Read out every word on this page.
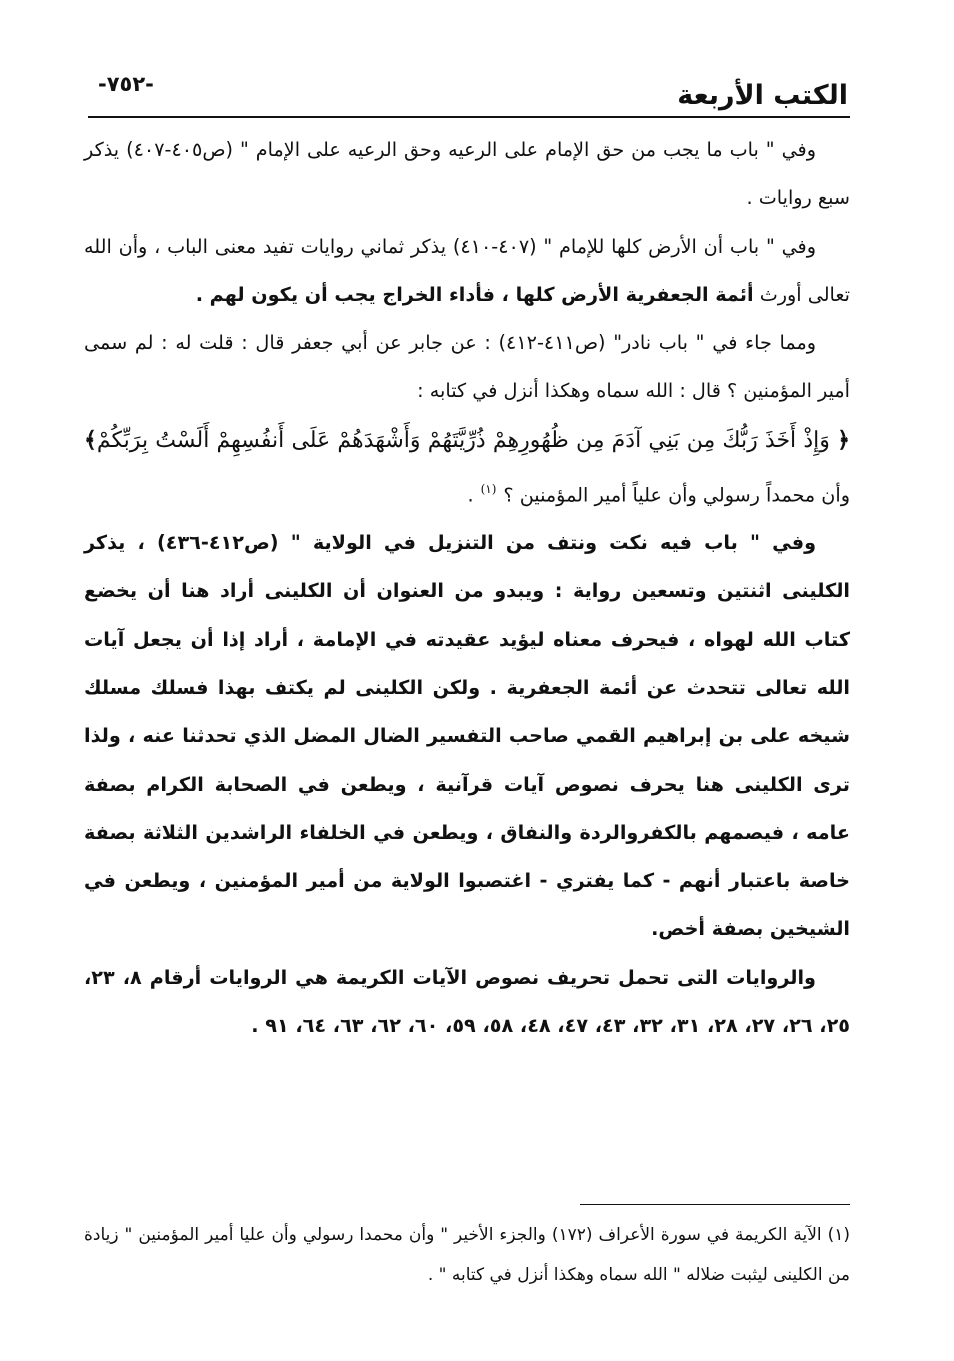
-٧٥٢-	الكتب الأربعة

وفي " باب ما يجب من حق الإمام على الرعيه وحق الرعيه على الإمام " (ص٤٠٥-٤٠٧) يذكر سبع روايات .

وفي " باب أن الأرض كلها للإمام " (٤٠٧-٤١٠) يذكر ثماني روايات تفيد معنى الباب ، وأن الله تعالى أورث أئمة الجعفرية الأرض كلها ، فأداء الخراج يجب أن يكون لهم .

ومما جاء في " باب نادر" (ص٤١١-٤١٢) : عن جابر عن أبي جعفر قال : قلت له : لم سمى أمير المؤمنين ؟ قال : الله سماه وهكذا أنزل في كتابه :

﴿ وَإِذْ أَخَذَ رَبُّكَ مِن بَنِي آدَمَ مِن ظُهُورِهِمْ ذُرِّيَّتَهُمْ وَأَشْهَدَهُمْ عَلَى أَنفُسِهِمْ أَلَسْتُ بِرَبِّكُمْ﴾ وأن محمداً رسولي وأن علياً أمير المؤمنين ؟ $^{(١)}$ .

وفي " باب فيه نكت ونتف من التنزيل في الولاية " (ص٤١٢-٤٣٦) ، يذكر الكلينى اثنتين وتسعين رواية : ويبدو من العنوان أن الكلينى أراد هنا أن يخضع كتاب الله لهواه ، فيحرف معناه ليؤيد عقيدته في الإمامة ، أراد إذا أن يجعل آيات الله تعالى تتحدث عن أئمة الجعفرية . ولكن الكلينى لم يكتف بهذا فسلك مسلك شيخه على بن إبراهيم القمي صاحب التفسير الضال المضل الذي تحدثنا عنه ، ولذا ترى الكلينى هنا يحرف نصوص آيات قرآنية ، ويطعن في الصحابة الكرام بصفة عامه ، فيصمهم بالكفروالردة والنفاق ، ويطعن في الخلفاء الراشدين الثلاثة بصفة خاصة باعتبار أنهم - كما يفتري - اغتصبوا الولاية من أمير المؤمنين ، ويطعن في الشيخين بصفة أخص.

والروايات التى تحمل تحريف نصوص الآيات الكريمة هي الروايات أرقام ٨، ٢٣، ٢٥، ٢٦، ٢٧، ٢٨، ٣١، ٣٢، ٤٣، ٤٧، ٤٨، ٥٨، ٥٩، ٦٠، ٦٢، ٦٣، ٦٤، ٩١ .

(١) الآية الكريمة في سورة الأعراف (١٧٢) والجزء الأخير " وأن محمدا رسولي وأن عليا أمير المؤمنين " زيادة من الكلينى ليثبت ضلاله " الله سماه وهكذا أنزل في كتابه " .
